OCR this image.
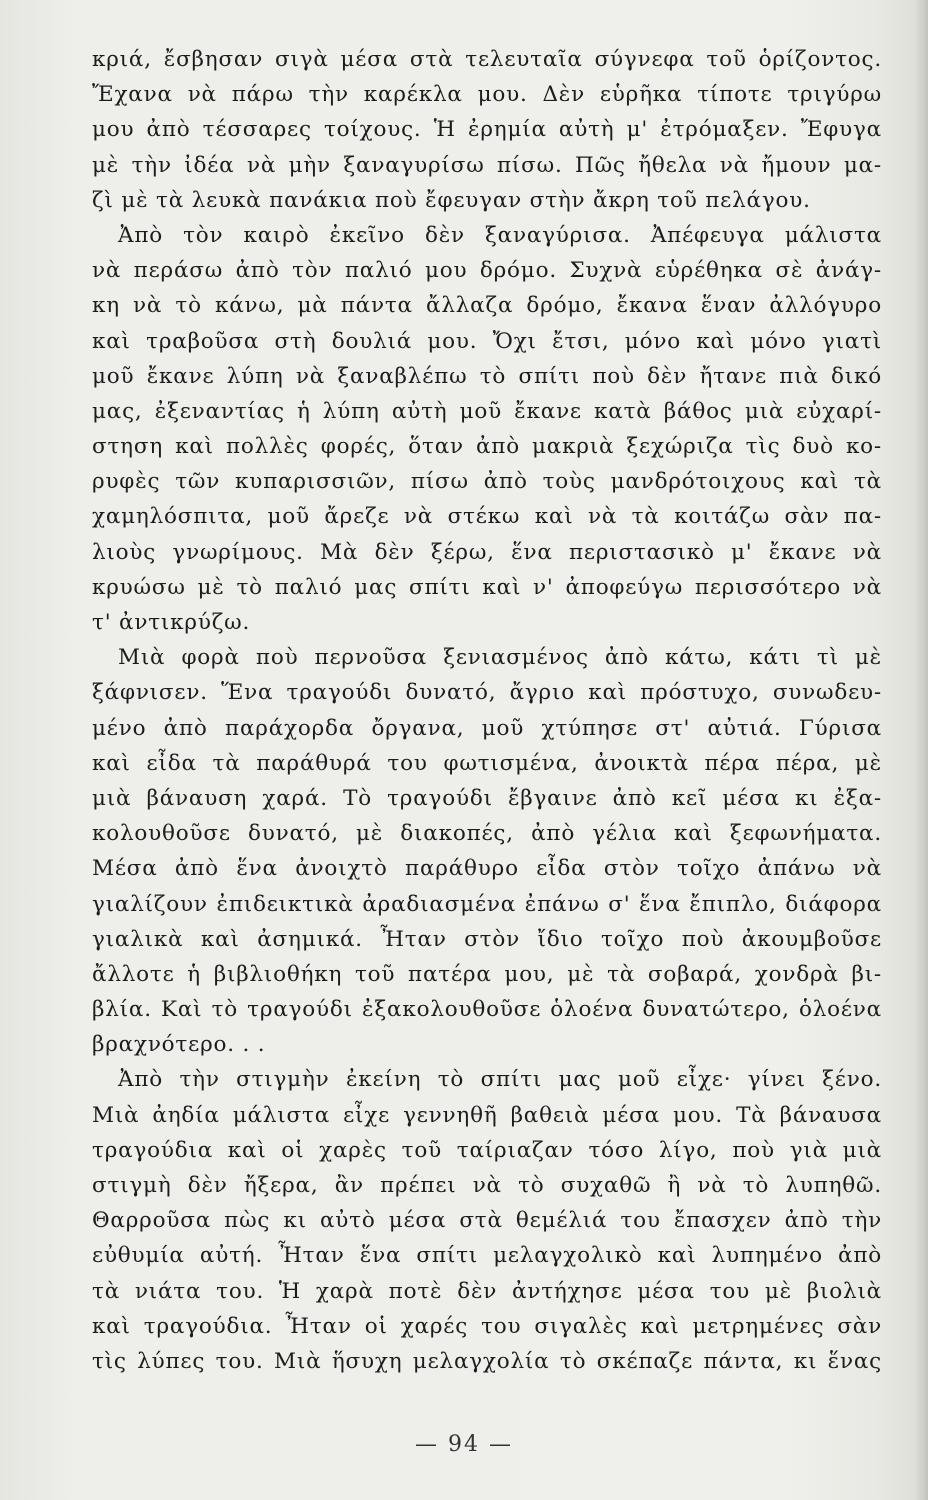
κριά, ἔσβησαν σιγὰ μέσα στὰ τελευταῖα σύγνεφα τοῦ ὁρίζοντος.
Ἔχανα νὰ πάρω τὴν καρέκλα μου. Δὲν εὑρῆκα τίποτε τριγύρω
μου ἀπὸ τέσσαρες τοίχους. Ἡ ἐρημία αὐτὴ μ' ἐτρόμαξεν. Ἔφυγα
μὲ τὴν ἰδέα νὰ μὴν ξαναγυρίσω πίσω. Πῶς ἤθελα νὰ ἤμουν μα-
ζὶ μὲ τὰ λευκὰ πανάκια ποὺ ἔφευγαν στὴν ἄκρη τοῦ πελάγου.
Ἀπὸ τὸν καιρὸ ἐκεῖνο δὲν ξαναγύρισα. Ἀπέφευγα μάλιστα
νὰ περάσω ἀπὸ τὸν παλιό μου δρόμο. Συχνὰ εὑρέθηκα σὲ ἀνάγ-
κη νὰ τὸ κάνω, μὰ πάντα ἄλλαζα δρόμο, ἔκανα ἕναν ἀλλόγυρο
καὶ τραβοῦσα στὴ δουλιά μου. Ὄχι ἔτσι, μόνο καὶ μόνο γιατὶ
μοῦ ἔκανε λύπη νὰ ξαναβλέπω τὸ σπίτι ποὺ δὲν ἤτανε πιὰ δικό
μας, ἐξεναντίας ἡ λύπη αὐτὴ μοῦ ἔκανε κατὰ βάθος μιὰ εὐχαρί-
στηση καὶ πολλὲς φορές, ὅταν ἀπὸ μακριὰ ξεχώριζα τὶς δυὸ κο-
ρυφὲς τῶν κυπαρισσιῶν, πίσω ἀπὸ τοὺς μανδρότοιχους καὶ τὰ
χαμηλόσπιτα, μοῦ ἄρεζε νὰ στέκω καὶ νὰ τὰ κοιτάζω σὰν πα-
λιοὺς γνωρίμους. Μὰ δὲν ξέρω, ἕνα περιστασικὸ μ' ἔκανε νὰ
κρυώσω μὲ τὸ παλιό μας σπίτι καὶ ν' ἀποφεύγω περισσότερο νὰ
τ' ἀντικρύζω.
Μιὰ φορὰ ποὺ περνοῦσα ξενιασμένος ἀπὸ κάτω, κάτι τὶ μὲ
ξάφνισεν. Ἕνα τραγούδι δυνατό, ἄγριο καὶ πρόστυχο, συνωδευ-
μένο ἀπὸ παράχορδα ὄργανα, μοῦ χτύπησε στ' αὐτιά. Γύρισα
καὶ εἶδα τὰ παράθυρά του φωτισμένα, ἀνοικτὰ πέρα πέρα, μὲ
μιὰ βάναυση χαρά. Τὸ τραγούδι ἔβγαινε ἀπὸ κεῖ μέσα κι ἐξα-
κολουθοῦσε δυνατό, μὲ διακοπές, ἀπὸ γέλια καὶ ξεφωνήματα.
Μέσα ἀπὸ ἕνα ἀνοιχτὸ παράθυρο εἶδα στὸν τοῖχο ἀπάνω νὰ
γιαλίζουν ἐπιδεικτικὰ ἀραδιασμένα ἐπάνω σ' ἕνα ἔπιπλο, διάφορα
γιαλικὰ καὶ ἀσημικά. Ἦταν στὸν ἴδιο τοῖχο ποὺ ἀκουμβοῦσε
ἄλλοτε ἡ βιβλιοθήκη τοῦ πατέρα μου, μὲ τὰ σοβαρά, χονδρὰ βι-
βλία. Καὶ τὸ τραγούδι ἐξακολουθοῦσε ὁλοένα δυνατώτερο, ὁλοένα
βραχνότερο. . .
Ἀπὸ τὴν στιγμὴν ἐκείνη τὸ σπίτι μας μοῦ εἶχε· γίνει ξένο.
Μιὰ ἀηδία μάλιστα εἶχε γεννηθῆ βαθειὰ μέσα μου. Τὰ βάναυσα
τραγούδια καὶ οἱ χαρὲς τοῦ ταίριαζαν τόσο λίγο, ποὺ γιὰ μιὰ
στιγμὴ δὲν ἤξερα, ἂν πρέπει νὰ τὸ συχαθῶ ἢ νὰ τὸ λυπηθῶ.
Θαρροῦσα πὼς κι αὐτὸ μέσα στὰ θεμέλιά του ἔπασχεν ἀπὸ τὴν
εὐθυμία αὐτή. Ἦταν ἕνα σπίτι μελαγχολικὸ καὶ λυπημένο ἀπὸ
τὰ νιάτα του. Ἡ χαρὰ ποτὲ δὲν ἀντήχησε μέσα του μὲ βιολιὰ
καὶ τραγούδια. Ἦταν οἱ χαρές του σιγαλὲς καὶ μετρημένες σὰν
τὶς λύπες του. Μιὰ ἥσυχη μελαγχολία τὸ σκέπαζε πάντα, κι ἕνας
— 94 —
